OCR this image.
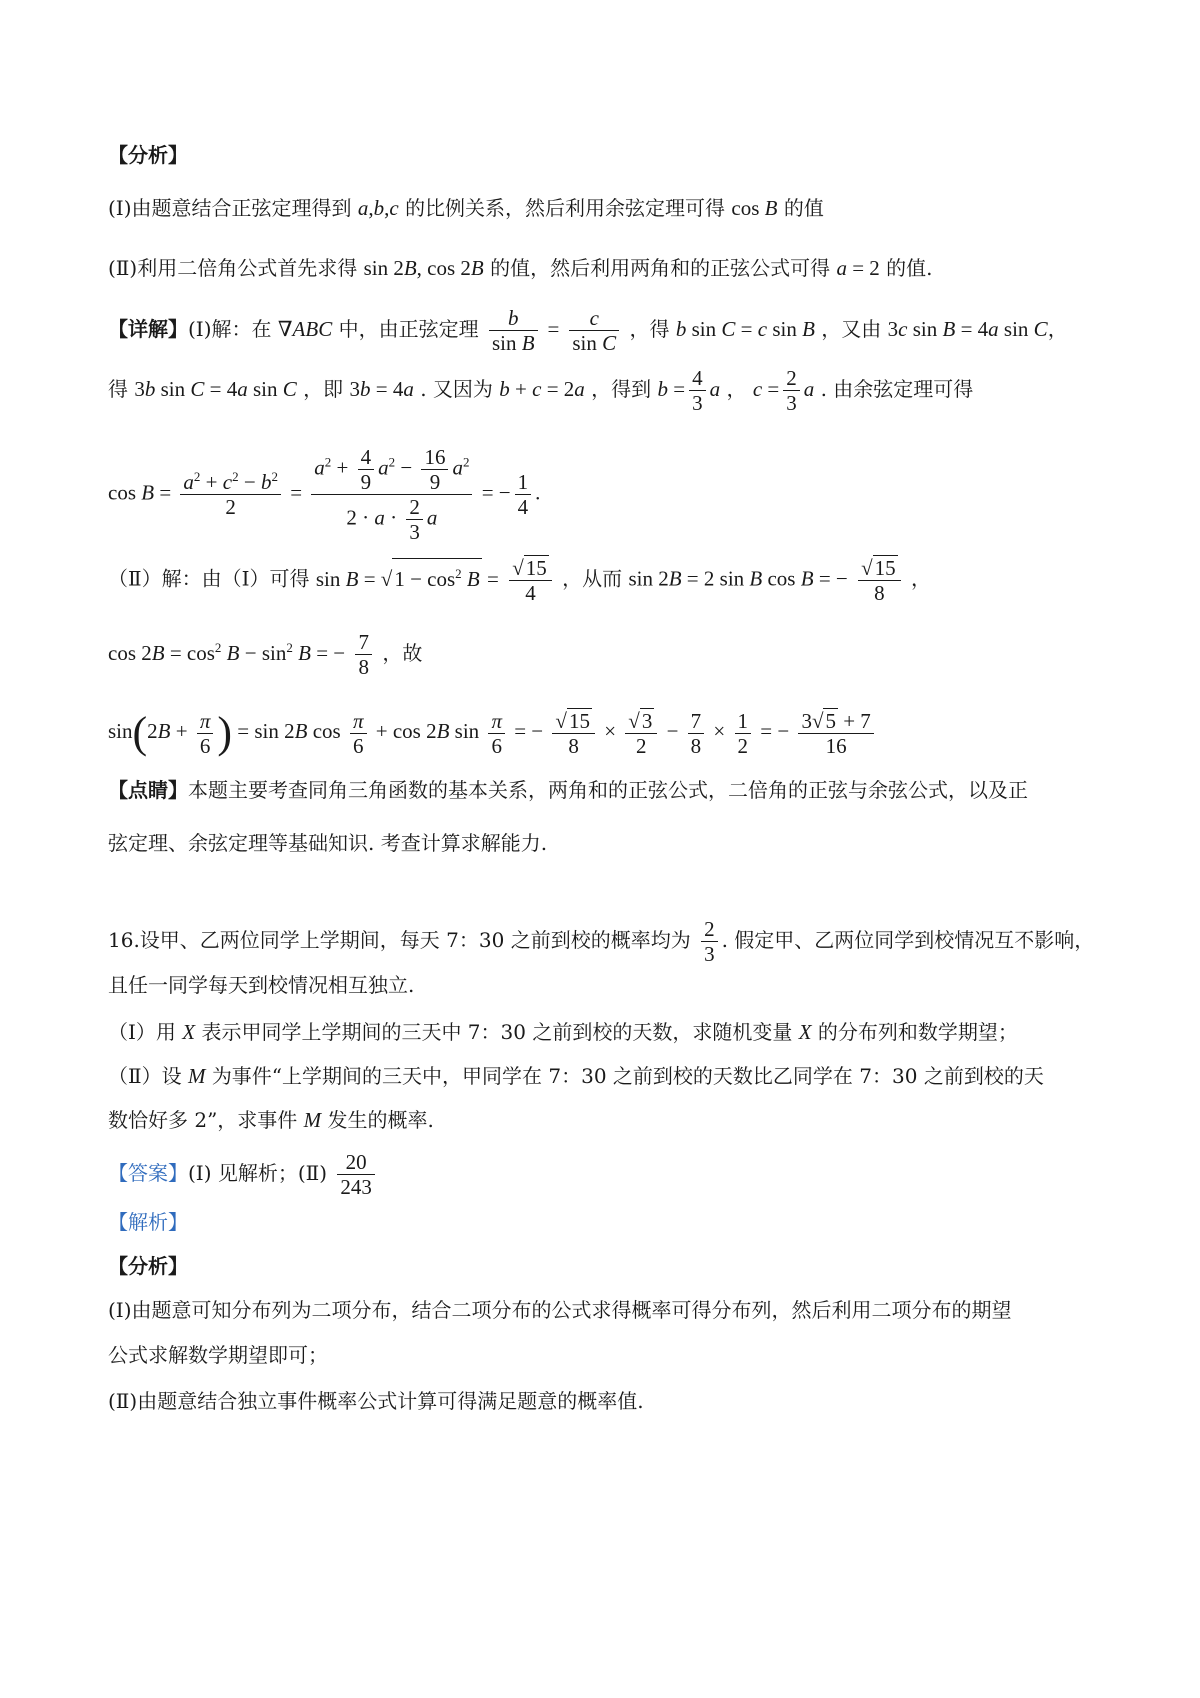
【分析】
(Ⅰ)由题意结合正弦定理得到 a,b,c 的比例关系，然后利用余弦定理可得 cos B 的值
(Ⅱ)利用二倍角公式首先求得 sin 2B, cos 2B 的值，然后利用两角和的正弦公式可得 a = 2 的值.
【详解】(Ⅰ)解：在 ∇ABC 中，由正弦定理 $\frac{b}{\text{sin B}} = \frac{c}{\text{sin C}}$ ，得 b sin C = c sin B ，又由 3c sin B = 4a sin C，
得 3b sin C = 4a sin C ，即 3b = 4a . 又因为 b + c = 2a ，得到 $b = \frac{4}{3}$ a ， $c = \frac{2}{3}$ a . 由余弦定理可得
$\cos B = \frac{a^2 + c^2 - b^2}{2} = \frac{a^2 + \frac{4}{9} a^2 - \frac{16}{9} a^2}{2 \cdot a \cdot \frac{2}{3} a}$ = − $\frac{1}{4}$ .
（Ⅱ）解：由（Ⅰ）可得 $\sin B = √1 - \cos^2 B = \frac{√15}{4}$ ，从而 sin 2B = 2 sin B cos B = − $\frac{√15}{8}$ ，
$\cos 2B = \cos^2 B - \sin^2 B$ = − $\frac{7}{8}$ ，故
$\sin(2B + \frac{\pi}{6}$ ) = sin 2B $\cos \frac{\pi}{6} + \cos 2B$ $\sin \frac{\pi}{6}$ = − $\frac{√15}{8} \times \frac{√3}{2} - \frac{7}{8} \times \frac{1}{2}$ = − $\frac{3√5 + 7}{16}$
【点睛】本题主要考查同角三角函数的基本关系，两角和的正弦公式，二倍角的正弦与余弦公式，以及正
弦定理、余弦定理等基础知识. 考查计算求解能力.
16.设甲、乙两位同学上学期间，每天 7：30 之前到校的概率均为 $\frac{2}{3}$ . 假定甲、乙两位同学到校情况互不影响，
且任一同学每天到校情况相互独立.
（Ⅰ）用 X 表示甲同学上学期间的三天中 7：30 之前到校的天数，求随机变量 X 的分布列和数学期望；
（Ⅱ）设 M 为事件“上学期间的三天中，甲同学在 7：30 之前到校的天数比乙同学在 7：30 之前到校的天
数恰好多 2”，求事件 M 发生的概率.
【答案】(Ⅰ) 见解析；(Ⅱ) $\frac{20}{243}$
【解析】
【分析】
(Ⅰ)由题意可知分布列为二项分布，结合二项分布的公式求得概率可得分布列，然后利用二项分布的期望
公式求解数学期望即可；
(Ⅱ)由题意结合独立事件概率公式计算可得满足题意的概率值.
